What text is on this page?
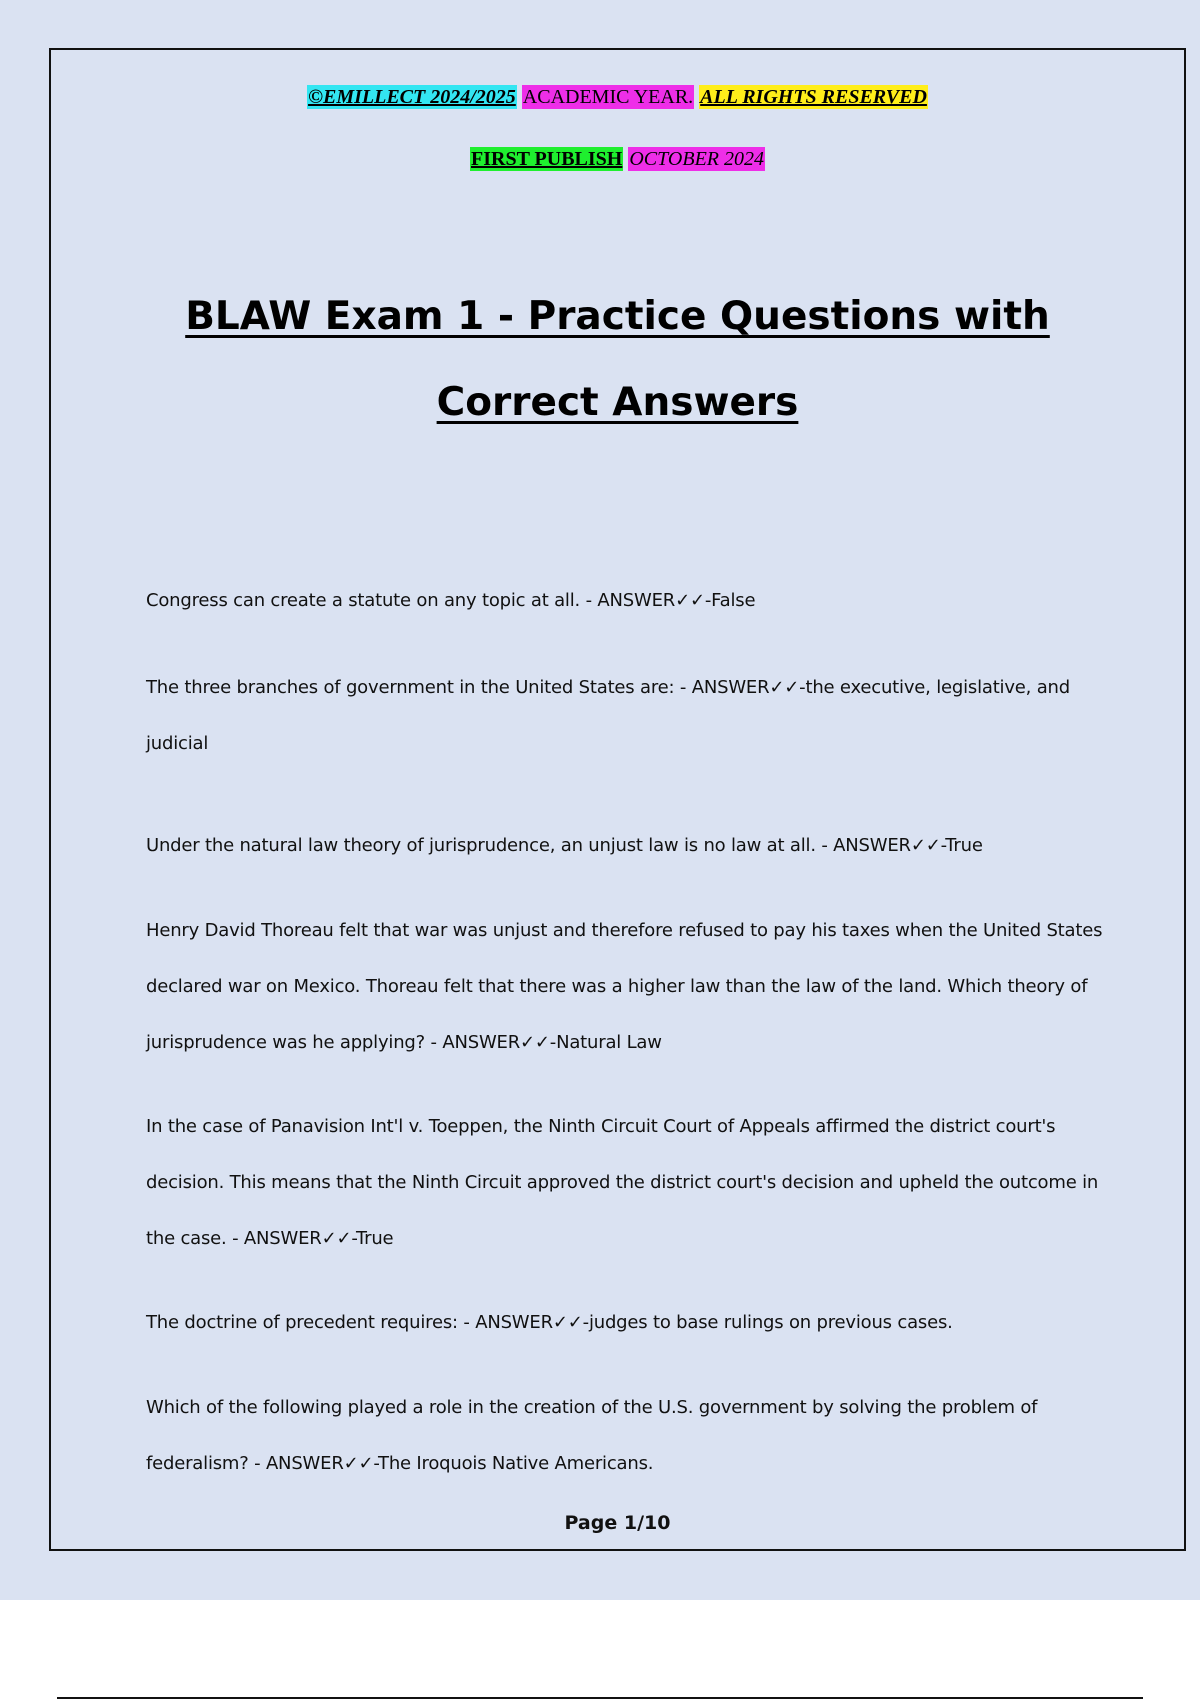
©EMILLECT 2024/2025 ACADEMIC YEAR. ALL RIGHTS RESERVED
FIRST PUBLISH OCTOBER 2024
BLAW Exam 1 - Practice Questions with
Correct Answers
Congress can create a statute on any topic at all. - ANSWER✓✓-False
The three branches of government in the United States are: - ANSWER✓✓-the executive, legislative, and judicial
Under the natural law theory of jurisprudence, an unjust law is no law at all. - ANSWER✓✓-True
Henry David Thoreau felt that war was unjust and therefore refused to pay his taxes when the United States declared war on Mexico. Thoreau felt that there was a higher law than the law of the land. Which theory of jurisprudence was he applying? - ANSWER✓✓-Natural Law
In the case of Panavision Int'l v. Toeppen, the Ninth Circuit Court of Appeals affirmed the district court's decision. This means that the Ninth Circuit approved the district court's decision and upheld the outcome in the case. - ANSWER✓✓-True
The doctrine of precedent requires: - ANSWER✓✓-judges to base rulings on previous cases.
Which of the following played a role in the creation of the U.S. government by solving the problem of federalism? - ANSWER✓✓-The Iroquois Native Americans.
Page 1/10
